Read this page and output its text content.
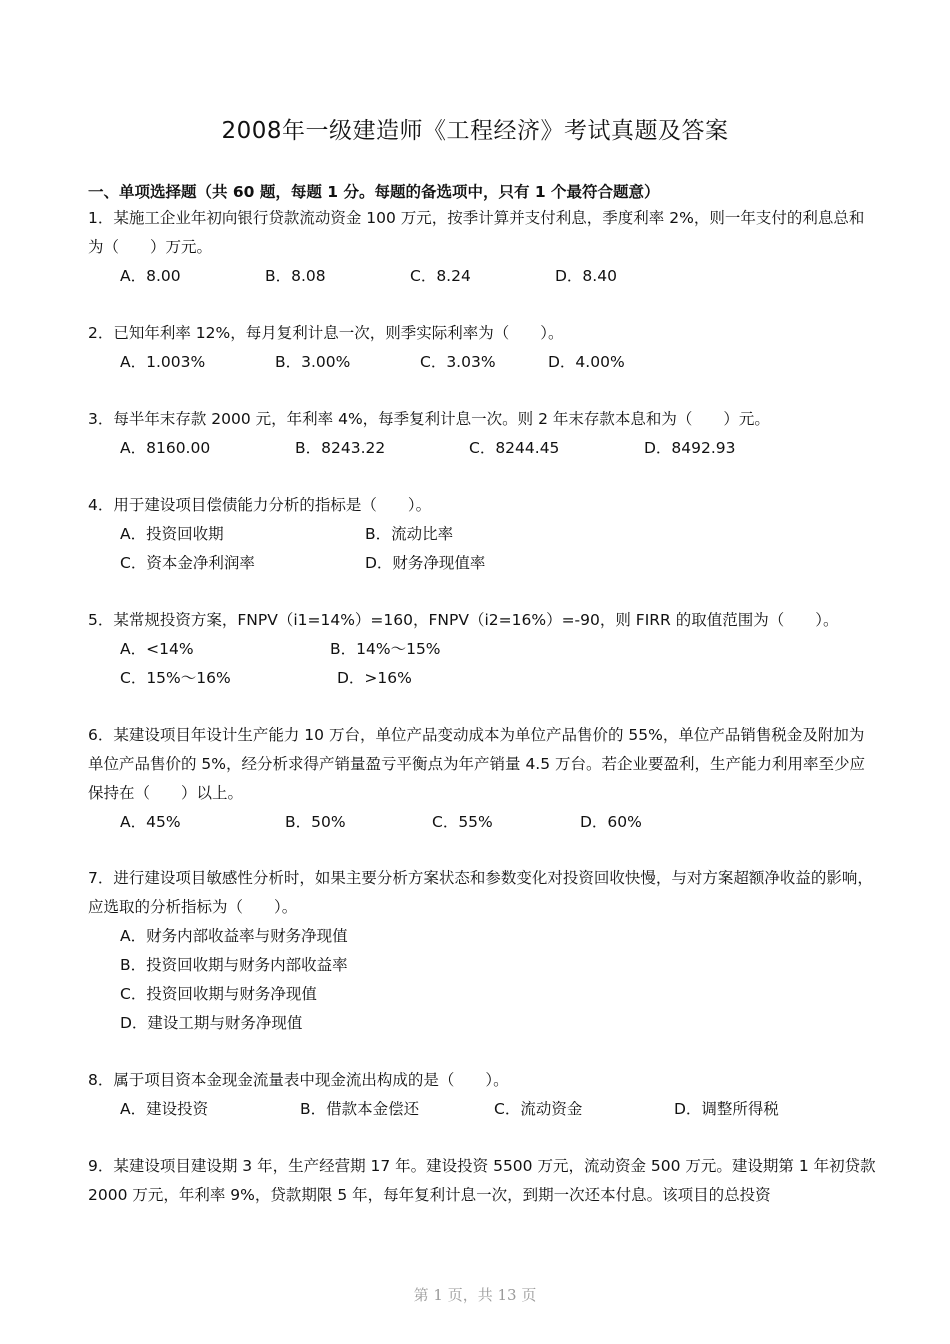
2008年一级建造师《工程经济》考试真题及答案
一、单项选择题（共 60 题，每题 1 分。每题的备选项中，只有 1 个最符合题意）

1．某施工企业年初向银行贷款流动资金 100 万元，按季计算并支付利息，季度利率 2%，则一年支付的利息总和为（　　）万元。

A．8.00	B．8.08	C．8.24	D．8.40

2．已知年利率 12%，每月复利计息一次，则季实际利率为（　　）。

A．1.003%	B．3.00%	C．3.03%	D．4.00%

3．每半年末存款 2000 元，年利率 4%，每季复利计息一次。则 2 年末存款本息和为（　　）元。

A．8160.00	B．8243.22	C．8244.45	D．8492.93

4．用于建设项目偿债能力分析的指标是（　　）。

A．投资回收期	B．流动比率
C．资本金净利润率	D．财务净现值率

5．某常规投资方案，FNPV（i1=14%）=160，FNPV（i2=16%）=-90，则 FIRR 的取值范围为（　　）。

A．<14%	B．14%～15%
C．15%～16%	D．>16%

6．某建设项目年设计生产能力 10 万台，单位产品变动成本为单位产品售价的 55%，单位产品销售税金及附加为单位产品售价的 5%，经分析求得产销量盈亏平衡点为年产销量 4.5 万台。若企业要盈利，生产能力利用率至少应保持在（　　）以上。

A．45%	B．50%	C．55%	D．60%

7．进行建设项目敏感性分析时，如果主要分析方案状态和参数变化对投资回收快慢，与对方案超额净收益的影响，应选取的分析指标为（　　）。

A．财务内部收益率与财务净现值
B．投资回收期与财务内部收益率
C．投资回收期与财务净现值
D．建设工期与财务净现值

8．属于项目资本金现金流量表中现金流出构成的是（　　）。

A．建设投资	B．借款本金偿还	C．流动资金	D．调整所得税

9．某建设项目建设期 3 年，生产经营期 17 年。建设投资 5500 万元，流动资金 500 万元。建设期第 1 年初贷款 2000 万元，年利率 9%，贷款期限 5 年，每年复利计息一次，到期一次还本付息。该项目的总投资

第 1 页，共 13 页
